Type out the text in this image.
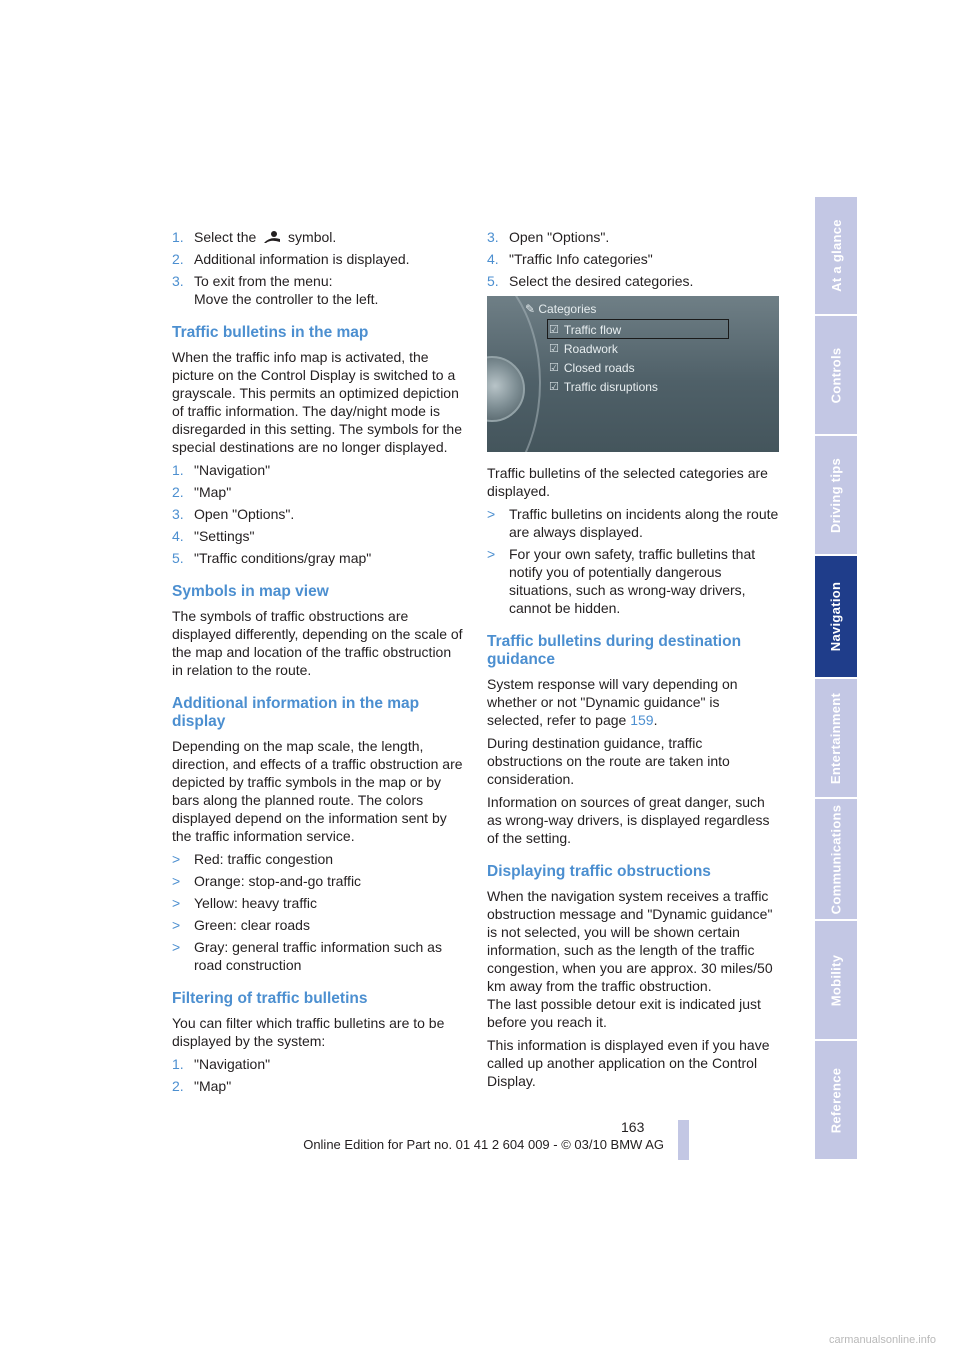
1. Select the symbol.
2. Additional information is displayed.
3. To exit from the menu:
Move the controller to the left.
Traffic bulletins in the map

When the traffic info map is activated, the picture on the Control Display is switched to a grayscale. This permits an optimized depiction of traffic information. The day/night mode is disregarded in this setting. The symbols for the special destinations are no longer displayed.

1. "Navigation"
2. "Map"
3. Open "Options".
4. "Settings"
5. "Traffic conditions/gray map"
Symbols in map view

The symbols of traffic obstructions are displayed differently, depending on the scale of the map and location of the traffic obstruction in relation to the route.

Additional information in the map display

Depending on the map scale, the length, direction, and effects of a traffic obstruction are depicted by traffic symbols in the map or by bars along the planned route. The colors displayed depend on the information sent by the traffic information service.

> Red: traffic congestion
> Orange: stop-and-go traffic
> Yellow: heavy traffic
> Green: clear roads
> Gray: general traffic information such as road construction
Filtering of traffic bulletins

You can filter which traffic bulletins are to be displayed by the system:

1. "Navigation"
2. "Map"
3. Open "Options".
4. "Traffic Info categories"
5. Select the desired categories.
✎ Categories
☑ Traffic flow
☑ Roadwork
☑ Closed roads
☑ Traffic disruptions

Traffic bulletins of the selected categories are displayed.

> Traffic bulletins on incidents along the route are always displayed.
> For your own safety, traffic bulletins that notify you of potentially dangerous situations, such as wrong-way drivers, cannot be hidden.
Traffic bulletins during destination guidance

System response will vary depending on whether or not "Dynamic guidance" is selected, refer to page 159.

During destination guidance, traffic obstructions on the route are taken into consideration.

Information on sources of great danger, such as wrong-way drivers, is displayed regardless of the setting.

Displaying traffic obstructions

When the navigation system receives a traffic obstruction message and "Dynamic guidance" is not selected, you will be shown certain information, such as the length of the traffic congestion, when you are approx. 30 miles/50 km away from the traffic obstruction.

The last possible detour exit is indicated just before you reach it.

This information is displayed even if you have called up another application on the Control Display.

At a glance
Controls
Driving tips
Navigation
Entertainment
Communications
Mobility
Reference
163
Online Edition for Part no. 01 41 2 604 009 - © 03/10 BMW AG
carmanualsonline.info
